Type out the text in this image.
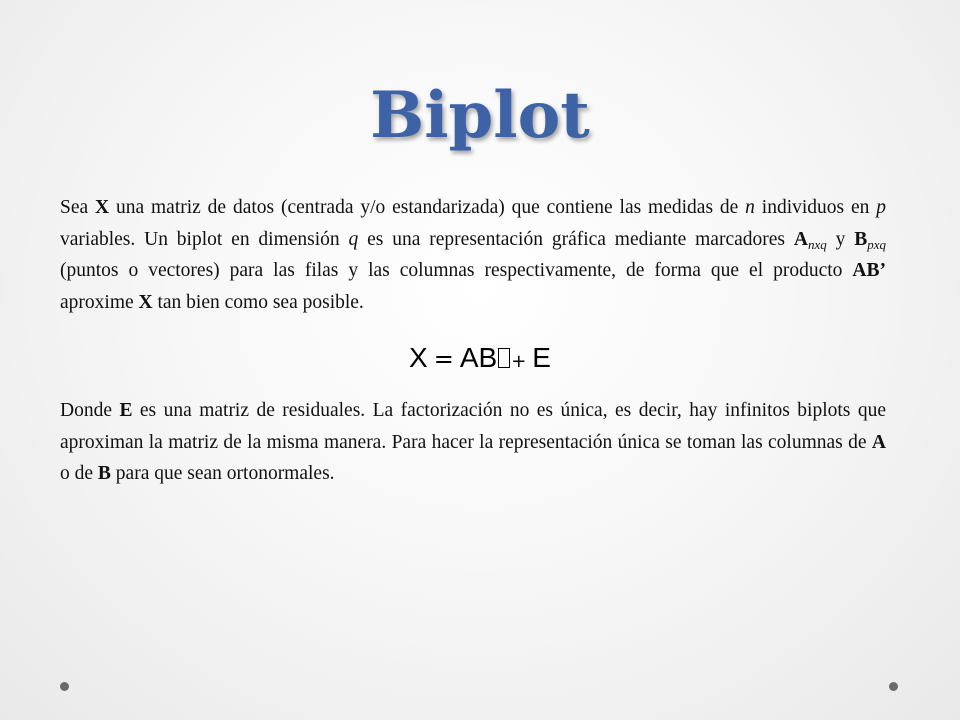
Biplot

Sea X una matriz de datos (centrada y/o estandarizada) que contiene las medidas de n individuos en p variables. Un biplot en dimensión q es una representación gráfica mediante marcadores $A_{nxq}$ y $B_{pxq}$ (puntos o vectores) para las filas y las columnas respectivamente, de forma que el producto AB’ aproxime X tan bien como sea posible.

X = AB + E

Donde E es una matriz de residuales. La factorización no es única, es decir, hay infinitos biplots que aproximan la matriz de la misma manera. Para hacer la representación única se toman las columnas de A o de B para que sean ortonormales.
